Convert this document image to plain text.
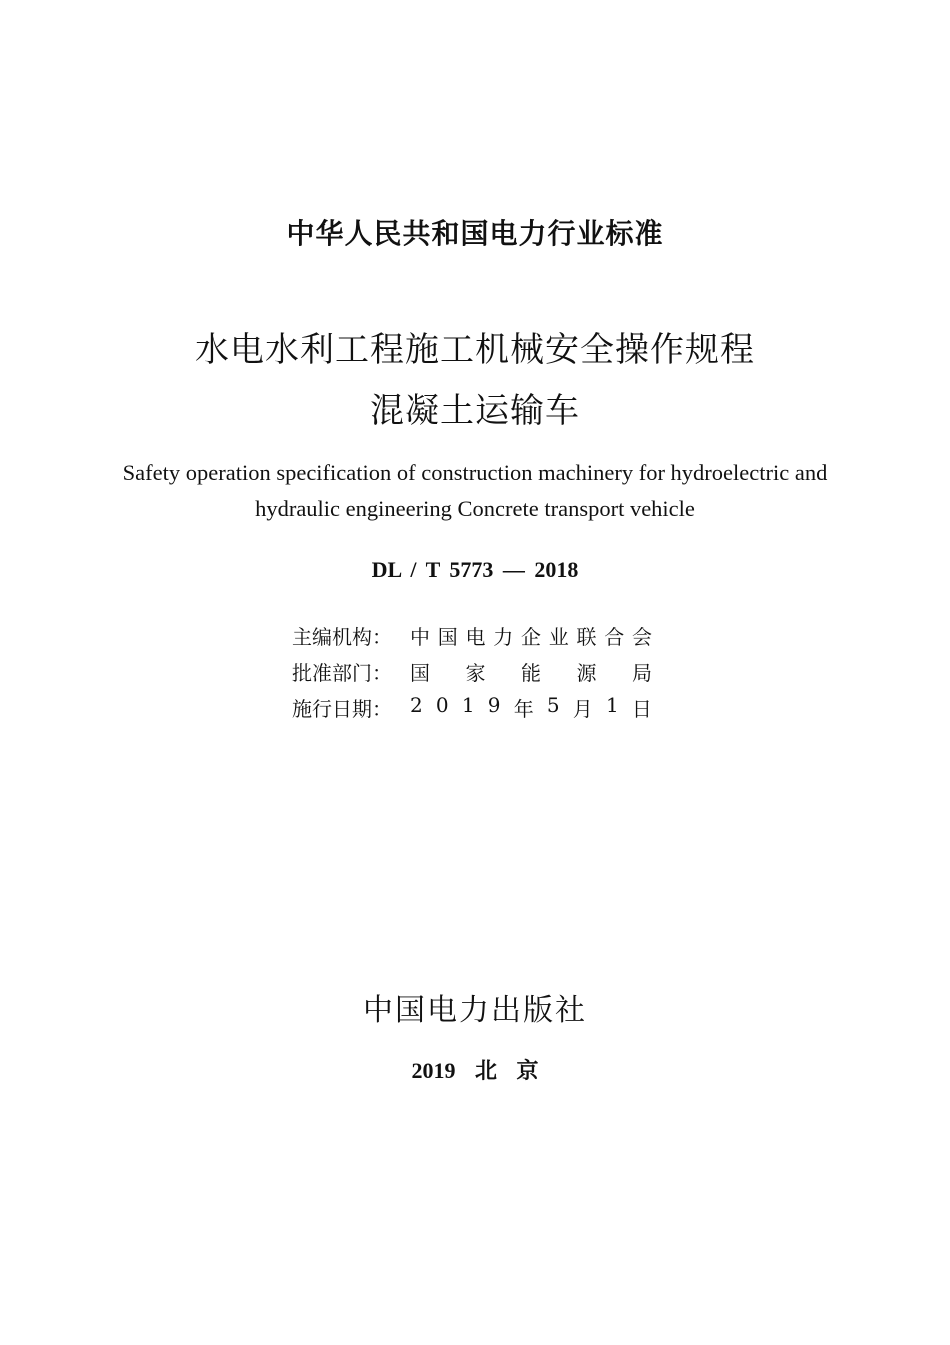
中华人民共和国电力行业标准
水电水利工程施工机械安全操作规程
混凝土运输车
Safety operation specification of construction machinery for hydroelectric and
hydraulic engineering Concrete transport vehicle
DL / T 5773 — 2018
主编机构： 中 国 电 力 企 业 联 合 会
批准部门： 国 家 能 源 局
施行日期： 2 0 1 9 年 5 月 1 日
中国电力出版社
2019 北 京
